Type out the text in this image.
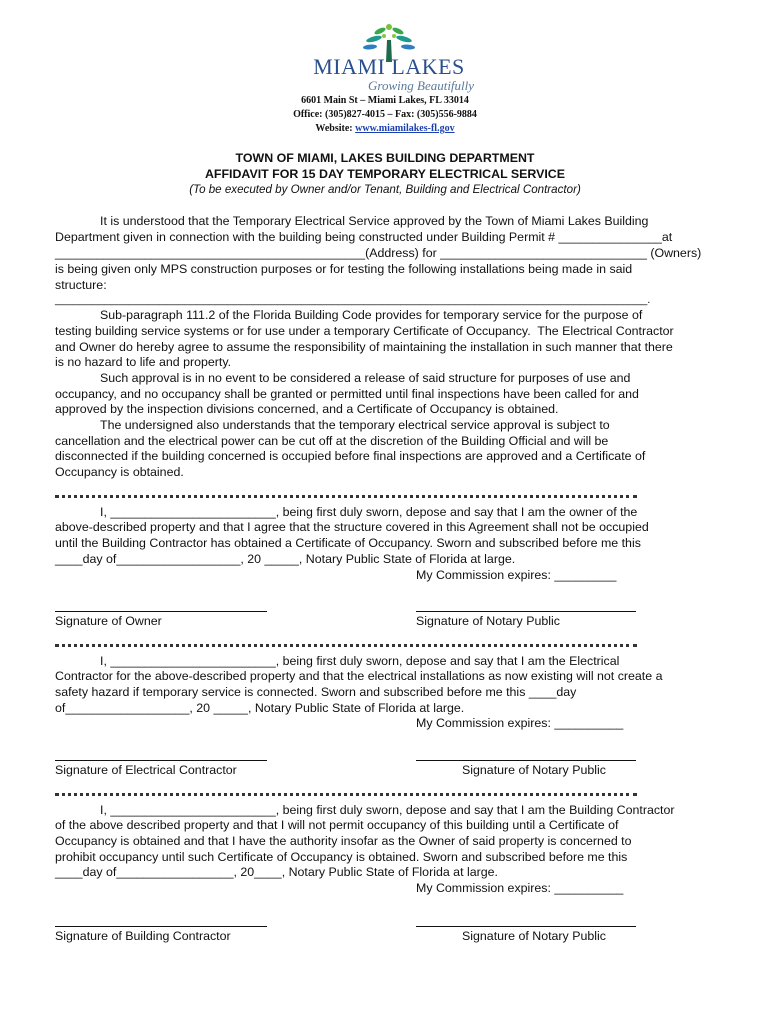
MIAMI LAKES
Growing Beautifully
6601 Main St – Miami Lakes, FL 33014
Office: (305)827-4015 – Fax: (305)556-9884
Website: www.miamilakes-fl.gov
TOWN OF MIAMI, LAKES BUILDING DEPARTMENT
AFFIDAVIT FOR 15 DAY TEMPORARY ELECTRICAL SERVICE
(To be executed by Owner and/or Tenant, Building and Electrical Contractor)
It is understood that the Temporary Electrical Service approved by the Town of Miami Lakes Building
Department given in connection with the building being constructed under Building Permit # _______________at
_____________________________________________(Address) for ______________________________ (Owners)
is being given only MPS construction purposes or for testing the following installations being made in said
structure:
________________________________________________________________________________________________.
Sub-paragraph 111.2 of the Florida Building Code provides for temporary service for the purpose of
testing building service systems or for use under a temporary Certificate of Occupancy.  The Electrical Contractor
and Owner do hereby agree to assume the responsibility of maintaining the installation in such manner that there
is no hazard to life and property.
Such approval is in no event to be considered a release of said structure for purposes of use and
occupancy, and no occupancy shall be granted or permitted until final inspections have been called for and
approved by the inspection divisions concerned, and a Certificate of Occupancy is obtained.
The undersigned also understands that the temporary electrical service approval is subject to
cancellation and the electrical power can be cut off at the discretion of the Building Official and will be
disconnected if the building concerned is occupied before final inspections are approved and a Certificate of
Occupancy is obtained.
I, ________________________, being first duly sworn, depose and say that I am the owner of the
above-described property and that I agree that the structure covered in this Agreement shall not be occupied
until the Building Contractor has obtained a Certificate of Occupancy. Sworn and subscribed before me this
____day of__________________, 20 _____, Notary Public State of Florida at large.
My Commission expires: _________
Signature of Owner	Signature of Notary Public
I, ________________________, being first duly sworn, depose and say that I am the Electrical
Contractor for the above-described property and that the electrical installations as now existing will not create a
safety hazard if temporary service is connected. Sworn and subscribed before me this ____day
of__________________, 20 _____, Notary Public State of Florida at large.
My Commission expires: __________
Signature of Electrical Contractor	Signature of Notary Public
I, ________________________, being first duly sworn, depose and say that I am the Building Contractor
of the above described property and that I will not permit occupancy of this building until a Certificate of
Occupancy is obtained and that I have the authority insofar as the Owner of said property is concerned to
prohibit occupancy until such Certificate of Occupancy is obtained. Sworn and subscribed before me this
____day of_________________, 20____, Notary Public State of Florida at large.
My Commission expires: __________
Signature of Building Contractor	Signature of Notary Public
